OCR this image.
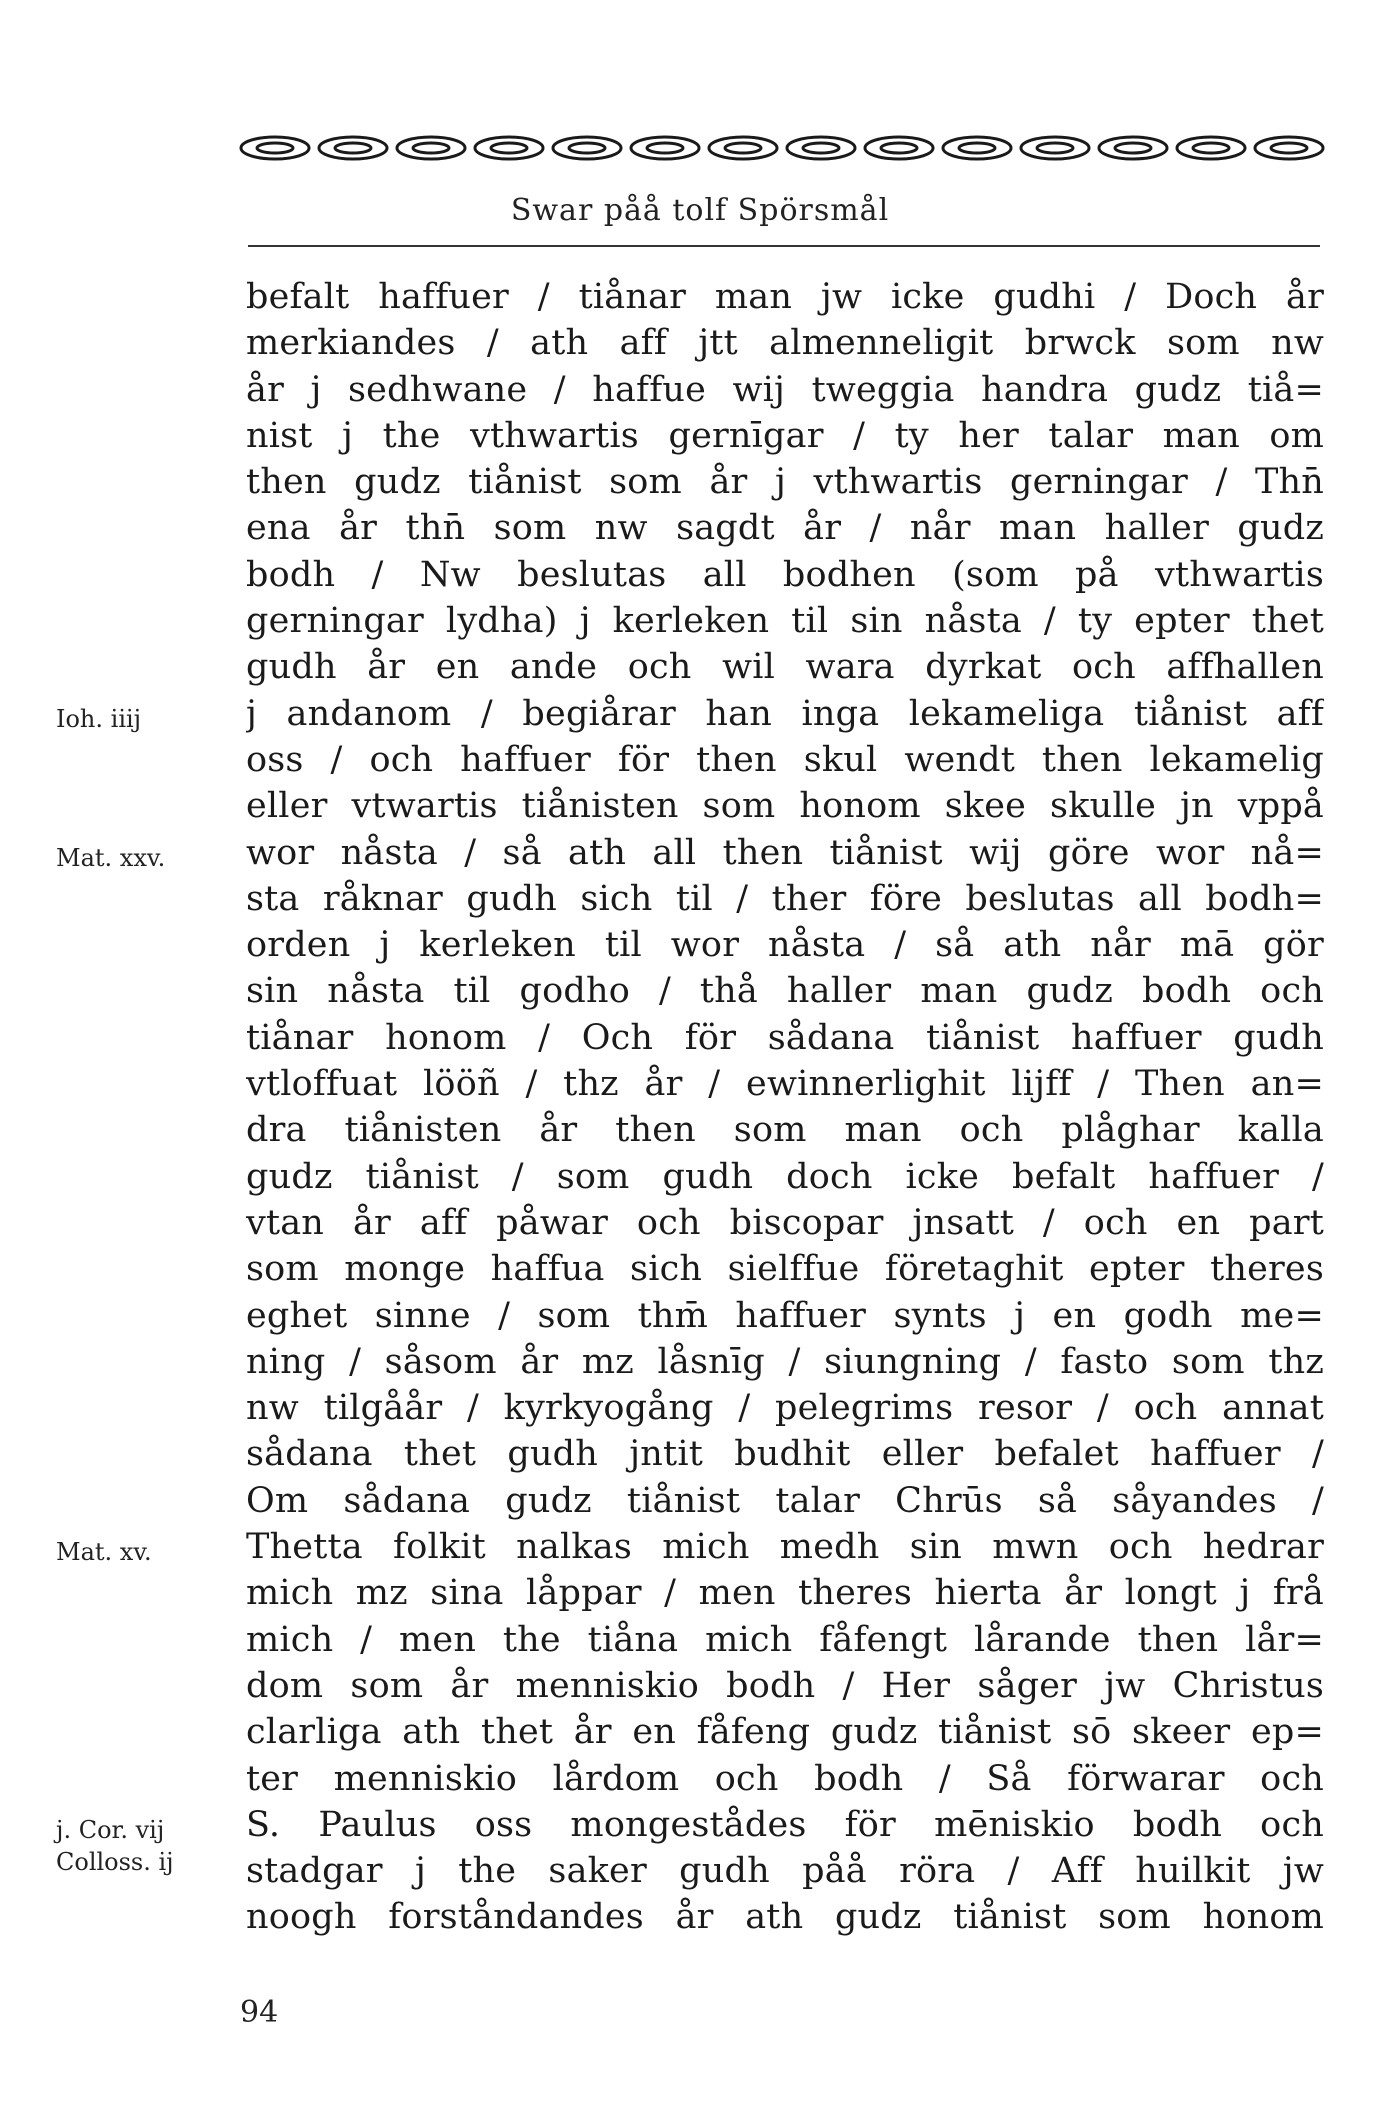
Swar påå tolf Spörsmål
befalt haffuer / tiånar man jw icke gudhi / Doch år
merkiandes / ath aff jtt almenneligit brwck som nw
år j sedhwane / haffue wij tweggia handra gudz tiå=
nist j the vthwartis gernīgar / ty her talar man om
then gudz tiånist som år j vthwartis gerningar / Thn̄
ena år thn̄ som nw sagdt år / når man haller gudz
bodh / Nw beslutas all bodhen (som på vthwartis
gerningar lydha) j kerleken til sin nåsta / ty epter thet
gudh år en ande och wil wara dyrkat och affhallen
j andanom / begiårar han inga lekameliga tiånist aff
oss / och haffuer för then skul wendt then lekamelig
eller vtwartis tiånisten som honom skee skulle jn vppå
wor nåsta / så ath all then tiånist wij göre wor nå=
sta råknar gudh sich til / ther före beslutas all bodh=
orden j kerleken til wor nåsta / så ath når mā gör
sin nåsta til godho / thå haller man gudz bodh och
tiånar honom / Och för sådana tiånist haffuer gudh
vtloffuat lööñ / thz år / ewinnerlighit lijff / Then an=
dra tiånisten år then som man och plåghar kalla
gudz tiånist / som gudh doch icke befalt haffuer /
vtan år aff påwar och biscopar jnsatt / och en part
som monge haffua sich sielffue företaghit epter theres
eghet sinne / som thm̄ haffuer synts j en godh me=
ning / såsom år mz låsnīg / siungning / fasto som thz
nw tilgåår / kyrkyogång / pelegrims resor / och annat
sådana thet gudh jntit budhit eller befalet haffuer /
Om sådana gudz tiånist talar Chrūs så såyandes /
Thetta folkit nalkas mich medh sin mwn och hedrar
mich mz sina låppar / men theres hierta år longt j frå
mich / men the tiåna mich fåfengt lårande then lår=
dom som år menniskio bodh / Her såger jw Christus
clarliga ath thet år en fåfeng gudz tiånist sō skeer ep=
ter menniskio lårdom och bodh / Så förwarar och
S. Paulus oss mongestådes för mēniskio bodh och
stadgar j the saker gudh påå röra / Aff huilkit jw
noogh forståndandes år ath gudz tiånist som honom
Ioh. iiij
Mat. xxv.
Mat. xv.
j. Cor. vij
Colloss. ij
94
